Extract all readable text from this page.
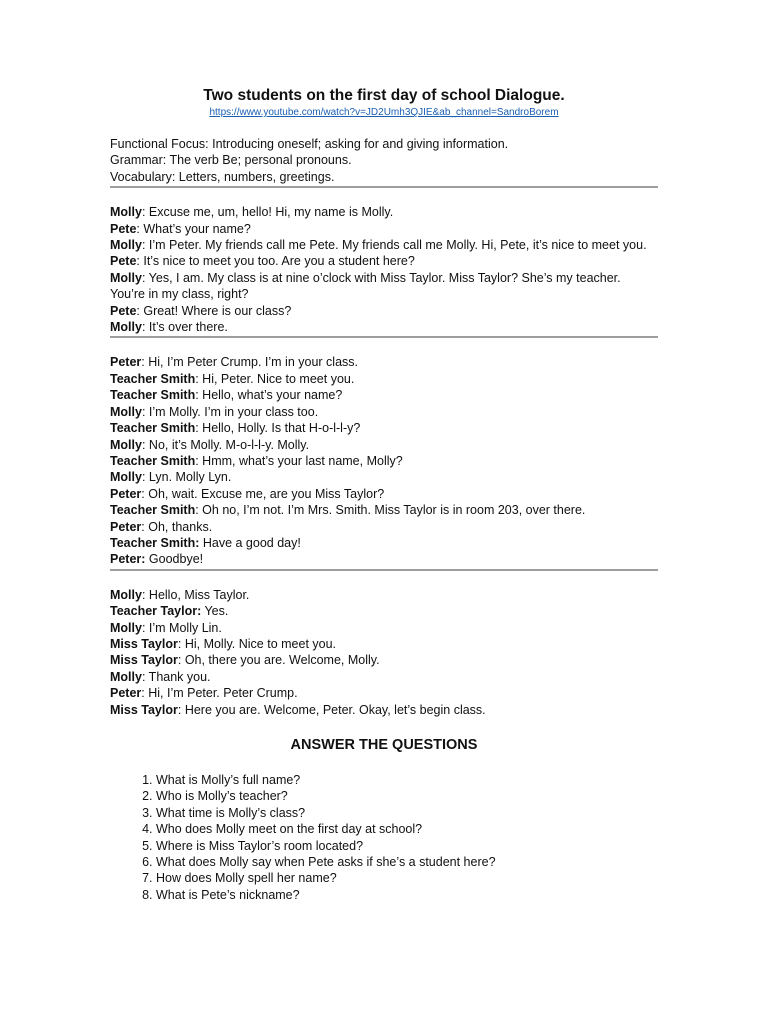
Two students on the first day of school Dialogue.
https://www.youtube.com/watch?v=JD2Umh3QJIE&ab_channel=SandroBorem

Functional Focus: Introducing oneself; asking for and giving information.

Grammar: The verb Be; personal pronouns.

Vocabulary: Letters, numbers, greetings.

Molly: Excuse me, um, hello! Hi, my name is Molly.

Pete: What’s your name?

Molly: I’m Peter. My friends call me Pete. My friends call me Molly. Hi, Pete, it’s nice to meet you.

Pete: It’s nice to meet you too. Are you a student here?

Molly: Yes, I am. My class is at nine o’clock with Miss Taylor. Miss Taylor? She’s my teacher. You’re in my class, right?

Pete: Great! Where is our class?

Molly: It’s over there.

Peter: Hi, I’m Peter Crump. I’m in your class.

Teacher Smith: Hi, Peter. Nice to meet you.

Teacher Smith: Hello, what’s your name?

Molly: I’m Molly. I’m in your class too.

Teacher Smith: Hello, Holly. Is that H-o-l-l-y?

Molly: No, it’s Molly. M-o-l-l-y. Molly.

Teacher Smith: Hmm, what’s your last name, Molly?

Molly: Lyn. Molly Lyn.

Peter: Oh, wait. Excuse me, are you Miss Taylor?

Teacher Smith: Oh no, I’m not. I’m Mrs. Smith. Miss Taylor is in room 203, over there.

Peter: Oh, thanks.

Teacher Smith: Have a good day!

Peter: Goodbye!

Molly: Hello, Miss Taylor.

Teacher Taylor: Yes.

Molly: I’m Molly Lin.

Miss Taylor: Hi, Molly. Nice to meet you.

Miss Taylor: Oh, there you are. Welcome, Molly.

Molly: Thank you.

Peter: Hi, I’m Peter. Peter Crump.

Miss Taylor: Here you are. Welcome, Peter. Okay, let’s begin class.

ANSWER THE QUESTIONS
1. What is Molly’s full name?
2. Who is Molly’s teacher?
3. What time is Molly’s class?
4. Who does Molly meet on the first day at school?
5. Where is Miss Taylor’s room located?
6. What does Molly say when Pete asks if she’s a student here?
7. How does Molly spell her name?
8. What is Pete’s nickname?
